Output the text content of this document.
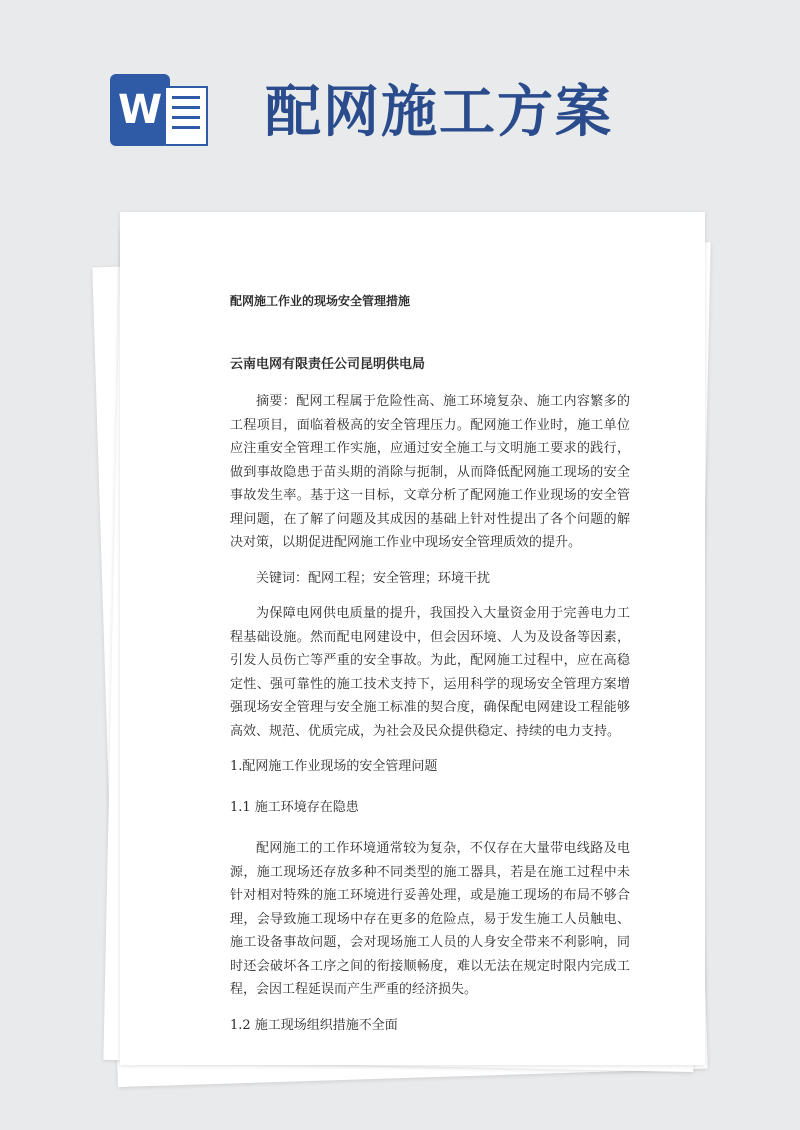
W 配网施工方案

配网施工作业的现场安全管理措施

云南电网有限责任公司昆明供电局

摘要：配网工程属于危险性高、施工环境复杂、施工内容繁多的工程项目，面临着极高的安全管理压力。配网施工作业时，施工单位应注重安全管理工作实施，应通过安全施工与文明施工要求的践行，做到事故隐患于苗头期的消除与扼制，从而降低配网施工现场的安全事故发生率。基于这一目标，文章分析了配网施工作业现场的安全管理问题，在了解了问题及其成因的基础上针对性提出了各个问题的解决对策，以期促进配网施工作业中现场安全管理质效的提升。

关键词：配网工程；安全管理；环境干扰

为保障电网供电质量的提升，我国投入大量资金用于完善电力工程基础设施。然而配电网建设中，但会因环境、人为及设备等因素，引发人员伤亡等严重的安全事故。为此，配网施工过程中，应在高稳定性、强可靠性的施工技术支持下，运用科学的现场安全管理方案增强现场安全管理与安全施工标准的契合度，确保配电网建设工程能够高效、规范、优质完成，为社会及民众提供稳定、持续的电力支持。

1.配网施工作业现场的安全管理问题

1.1 施工环境存在隐患

配网施工的工作环境通常较为复杂，不仅存在大量带电线路及电源，施工现场还存放多种不同类型的施工器具，若是在施工过程中未针对相对特殊的施工环境进行妥善处理，或是施工现场的布局不够合理，会导致施工现场中存在更多的危险点，易于发生施工人员触电、施工设备事故问题，会对现场施工人员的人身安全带来不利影响，同时还会破坏各工序之间的衔接顺畅度，难以无法在规定时限内完成工程，会因工程延误而产生严重的经济损失。

1.2 施工现场组织措施不全面
